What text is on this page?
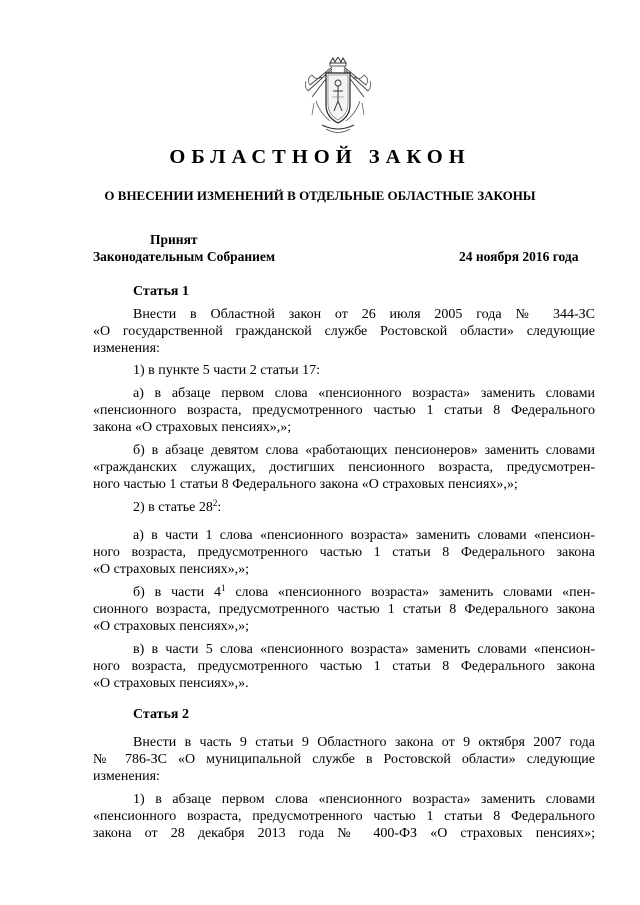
ОБЛАСТНОЙ ЗАКОН
О ВНЕСЕНИИ ИЗМЕНЕНИЙ В ОТДЕЛЬНЫЕ ОБЛАСТНЫЕ ЗАКОНЫ
Принят
Законодательным Собранием	24 ноября 2016 года
Статья 1
Внести в Областной закон от 26 июля 2005 года № 344-ЗС
«О государственной гражданской службе Ростовской области» следующие
изменения:
1) в пункте 5 части 2 статьи 17:
а) в абзаце первом слова «пенсионного возраста» заменить словами
«пенсионного возраста, предусмотренного частью 1 статьи 8 Федерального
закона «О страховых пенсиях»,»;
б) в абзаце девятом слова «работающих пенсионеров» заменить словами
«гражданских служащих, достигших пенсионного возраста, предусмотрен-
ного частью 1 статьи 8 Федерального закона «О страховых пенсиях»,»;
2) в статье $28^2$:
а) в части 1 слова «пенсионного возраста» заменить словами «пенсион-
ного возраста, предусмотренного частью 1 статьи 8 Федерального закона
«О страховых пенсиях»,»;
б) в части $4^1$ слова «пенсионного возраста» заменить словами «пен-
сионного возраста, предусмотренного частью 1 статьи 8 Федерального закона
«О страховых пенсиях»,»;
в) в части 5 слова «пенсионного возраста» заменить словами «пенсион-
ного возраста, предусмотренного частью 1 статьи 8 Федерального закона
«О страховых пенсиях»,».
Статья 2
Внести в часть 9 статьи 9 Областного закона от 9 октября 2007 года
№ 786-ЗС «О муниципальной службе в Ростовской области» следующие
изменения:
1) в абзаце первом слова «пенсионного возраста» заменить словами
«пенсионного возраста, предусмотренного частью 1 статьи 8 Федерального
закона от 28 декабря 2013 года № 400-ФЗ «О страховых пенсиях»;
